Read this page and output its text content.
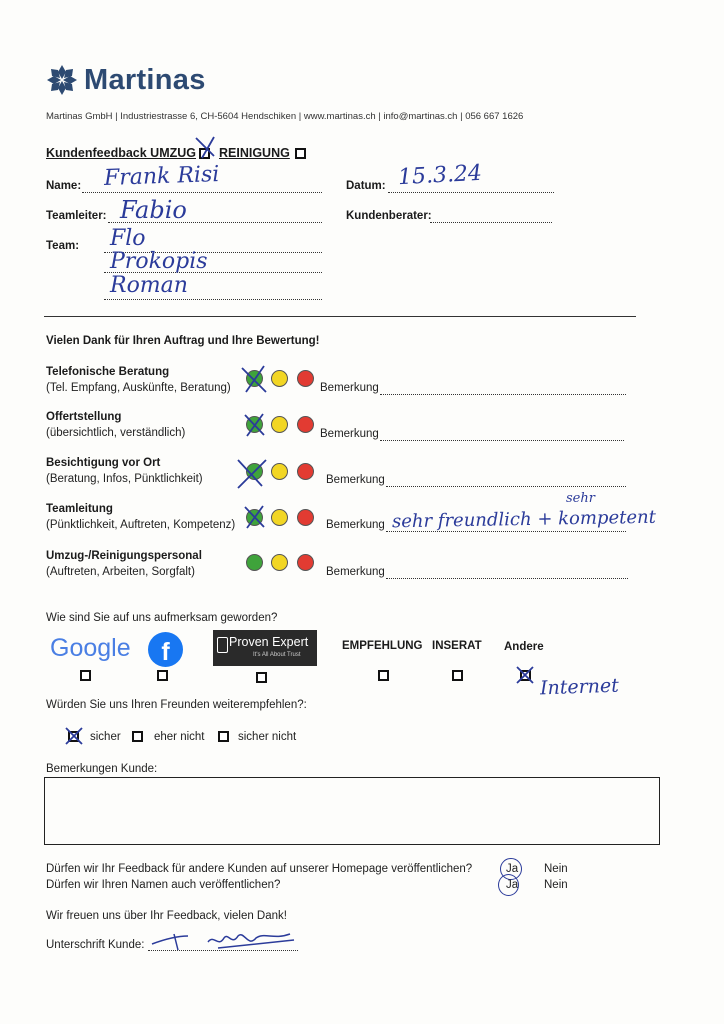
Martinas
Martinas GmbH | Industriestrasse 6, CH-5604 Hendschiken | www.martinas.ch | info@martinas.ch | 056 667 1626
Kundenfeedback UMZUG REINIGUNG
Name: Frank Risi	Datum: 15.3.24
Teamleiter: Fabio	Kundenberater:
Team: Flo
Prokopis
Roman
Vielen Dank für Ihren Auftrag und Ihre Bewertung!
Telefonische Beratung
(Tel. Empfang, Auskünfte, Beratung)	Bemerkung
Offertstellung
(übersichtlich, verständlich)	Bemerkung
Besichtigung vor Ort
(Beratung, Infos, Pünktlichkeit)	Bemerkung
Teamleitung
(Pünktlichkeit, Auftreten, Kompetenz)	Bemerkung
sehr
sehr freundlich + kompetent
Umzug-/Reinigungspersonal
(Auftreten, Arbeiten, Sorgfalt)	Bemerkung
Wie sind Sie auf uns aufmerksam geworden?
Google	f	Proven Expert
It's All About Trust
EMPFEHLUNG INSERAT Andere
Internet
Würden Sie uns Ihren Freunden weiterempfehlen?:
sicher	eher nicht	sicher nicht
Bemerkungen Kunde:
Dürfen wir Ihr Feedback für andere Kunden auf unserer Homepage veröffentlichen?	Ja Nein
Dürfen wir Ihren Namen auch veröffentlichen?	Ja Nein
Wir freuen uns über Ihr Feedback, vielen Dank!
Unterschrift Kunde:
